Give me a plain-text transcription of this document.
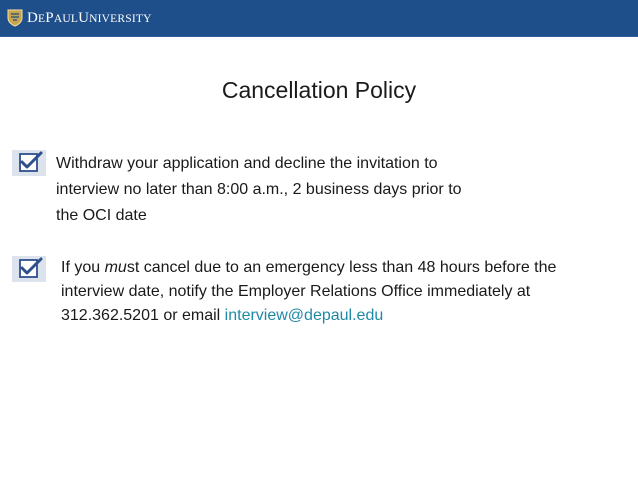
DEPAULUNIVERSITY
Cancellation Policy
Withdraw your application and decline the invitation to
interview no later than 8:00 a.m., 2 business days prior to
the OCI date
If you must cancel due to an emergency less than 48 hours before the
interview date, notify the Employer Relations Office immediately at
312.362.5201 or email interview@depaul.edu
